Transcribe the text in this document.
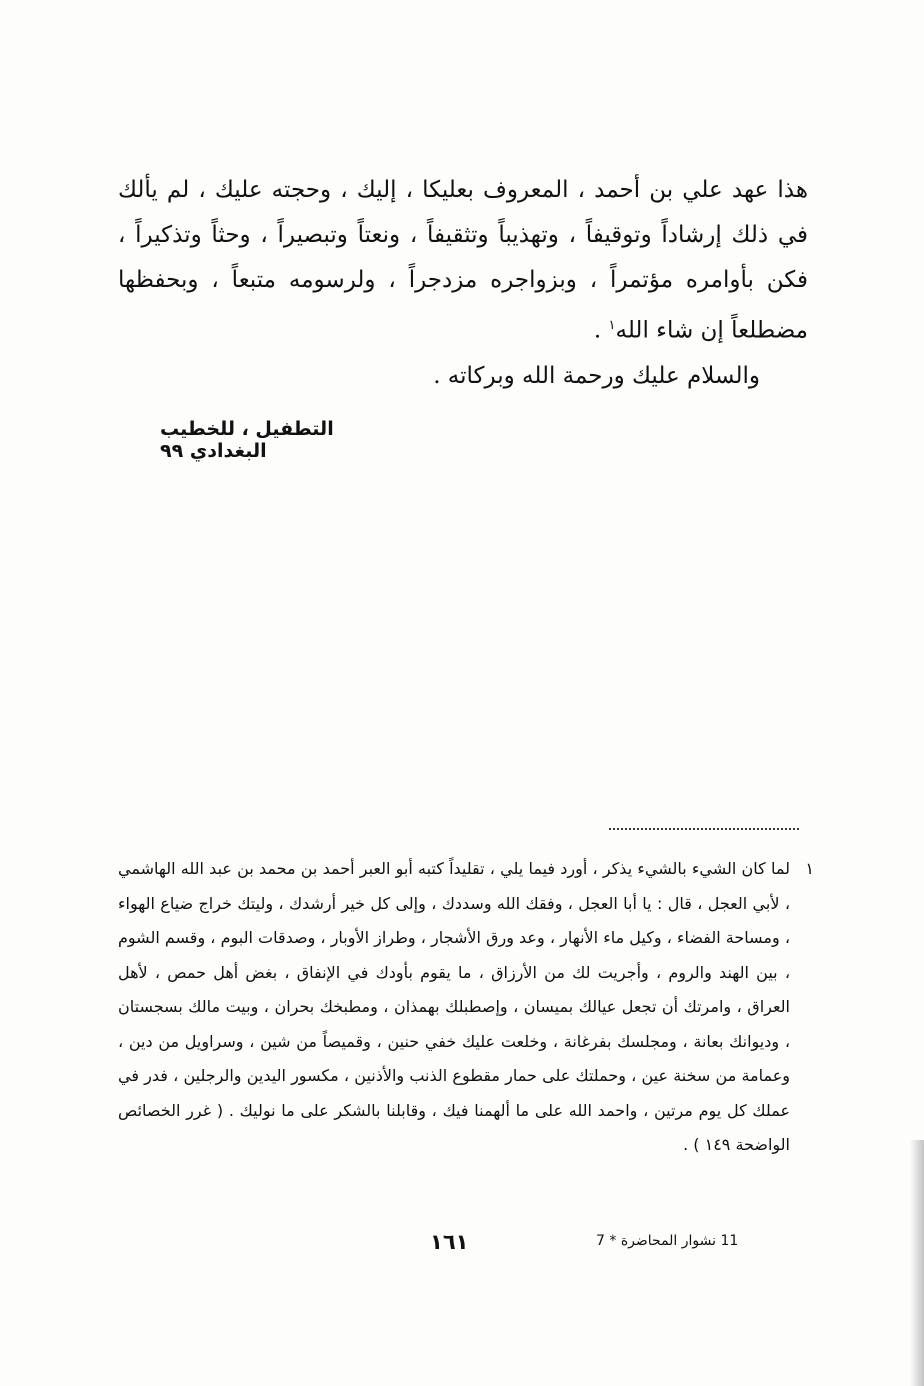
هذا عهد علي بن أحمد ، المعروف بعليكا ، إليك ، وحجته عليك ، لم يألك في ذلك إرشاداً وتوقيفاً ، وتهذيباً وتثقيفاً ، ونعتاً وتبصيراً ، وحثاً وتذكيراً ، فكن بأوامره مؤتمراً ، وبزواجره مزدجراً ، ولرسومه متبعاً ، وبحفظها مضطلعاً إن شاء الله$^١$ .

والسلام عليك ورحمة الله وبركاته .

التطفيل ، للخطيب البغدادي ٩٩
١

لما كان الشيء بالشيء يذكر ، أورد فيما يلي ، تقليداً كتبه أبو العبر أحمد بن محمد بن عبد الله الهاشمي ، لأبي العجل ، قال : يا أبا العجل ، وفقك الله وسددك ، وإلى كل خير أرشدك ، وليتك خراج ضياع الهواء ، ومساحة الفضاء ، وكيل ماء الأنهار ، وعد ورق الأشجار ، وطراز الأوبار ، وصدقات البوم ، وقسم الشوم ، بين الهند والروم ، وأجريت لك من الأرزاق ، ما يقوم بأودك في الإنفاق ، بغض أهل حمص ، لأهل العراق ، وامرتك أن تجعل عيالك بميسان ، وإصطبلك بهمذان ، ومطبخك بحران ، وبيت مالك بسجستان ، وديوانك بعانة ، ومجلسك بفرغانة ، وخلعت عليك خفي حنين ، وقميصاً من شين ، وسراويل من دين ، وعمامة من سخنة عين ، وحملتك على حمار مقطوع الذنب والأذنين ، مكسور اليدين والرجلين ، فدر في عملك كل يوم مرتين ، واحمد الله على ما ألهمنا فيك ، وقابلنا بالشكر على ما نوليك . ( غرر الخصائص الواضحة ١٤٩ ) .

١٦١	11 نشوار المحاضرة * 7
